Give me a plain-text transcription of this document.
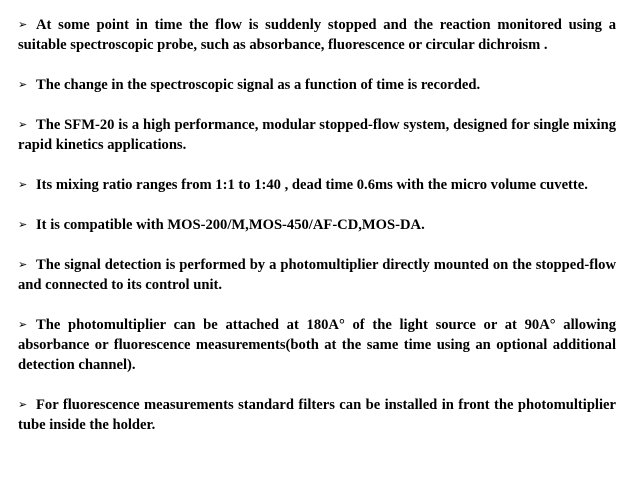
➢ At some point in time the flow is suddenly stopped and the reaction monitored using a suitable spectroscopic probe, such as absorbance, fluorescence or circular dichroism .

➢ The change in the spectroscopic signal as a function of time is recorded.

➢ The SFM-20 is a high performance, modular stopped-flow system, designed for single mixing rapid kinetics applications.

➢ Its mixing ratio ranges from 1:1 to 1:40 , dead time 0.6ms with the micro volume cuvette.

➢ It is compatible with MOS-200/M,MOS-450/AF-CD,MOS-DA.

➢ The signal detection is performed by a photomultiplier directly mounted on the stopped-flow and connected to its control unit.

➢ The photomultiplier can be attached at 180A° of the light source or at 90A° allowing absorbance or fluorescence measurements(both at the same time using an optional additional detection channel).

➢ For fluorescence measurements standard filters can be installed in front the photomultiplier tube inside the holder.
